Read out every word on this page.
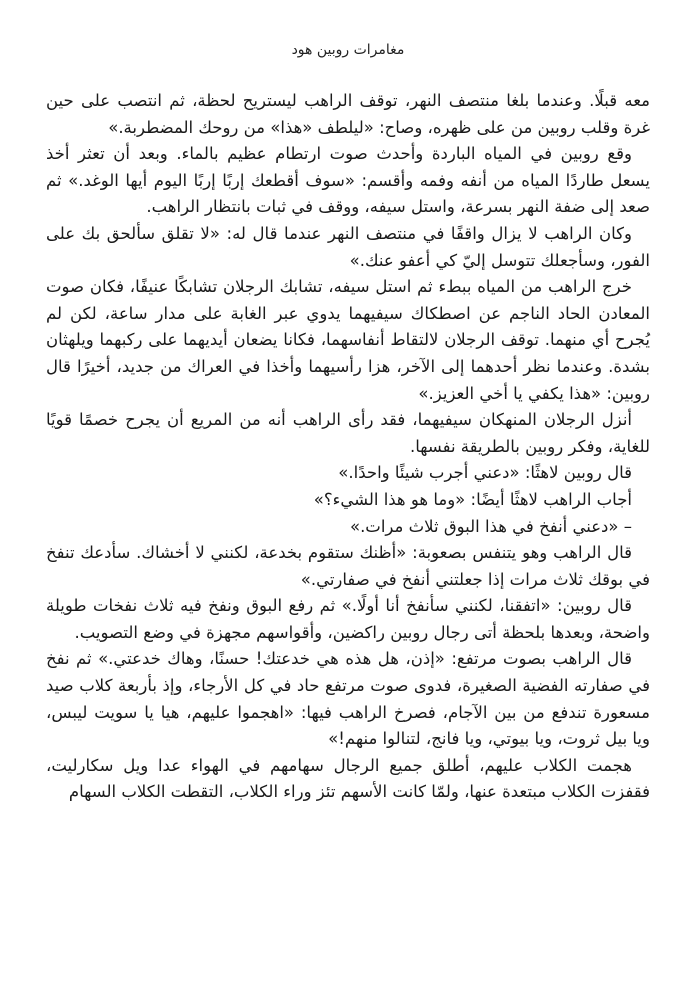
مغامرات روبين هود

معه قبلًا. وعندما بلغا منتصف النهر، توقف الراهب ليستريح لحظة، ثم انتصب على حين غرة وقلب روبين من على ظهره، وصاح: «ليلطف «هذا» من روحك المضطربة.»

وقع روبين في المياه الباردة وأحدث صوت ارتطام عظيم بالماء. وبعد أن تعثر أخذ يسعل طاردًا المياه من أنفه وفمه وأقسم: «سوف أقطعك إربًا إربًا اليوم أيها الوغد.» ثم صعد إلى ضفة النهر بسرعة، واستل سيفه، ووقف في ثبات بانتظار الراهب.

وكان الراهب لا يزال واقفًا في منتصف النهر عندما قال له: «لا تقلق سألحق بك على الفور، وسأجعلك تتوسل إليّ كي أعفو عنك.»

خرج الراهب من المياه ببطء ثم استل سيفه، تشابك الرجلان تشابكًا عنيفًا، فكان صوت المعادن الحاد الناجم عن اصطكاك سيفيهما يدوي عبر الغابة على مدار ساعة، لكن لم يُجرح أي منهما. توقف الرجلان لالتقاط أنفاسهما، فكانا يضعان أيديهما على ركبهما ويلهثان بشدة. وعندما نظر أحدهما إلى الآخر، هزا رأسيهما وأخذا في العراك من جديد، أخيرًا قال روبين: «هذا يكفي يا أخي العزيز.»

أنزل الرجلان المنهكان سيفيهما، فقد رأى الراهب أنه من المريع أن يجرح خصمًا قويًا للغاية، وفكر روبين بالطريقة نفسها.

قال روبين لاهثًا: «دعني أجرب شيئًا واحدًا.»

أجاب الراهب لاهثًا أيضًا: «وما هو هذا الشيء؟»

– «دعني أنفخ في هذا البوق ثلاث مرات.»

قال الراهب وهو يتنفس بصعوبة: «أظنك ستقوم بخدعة، لكنني لا أخشاك. سأدعك تنفخ في بوقك ثلاث مرات إذا جعلتني أنفخ في صفارتي.»

قال روبين: «اتفقنا، لكنني سأنفخ أنا أولًا.» ثم رفع البوق ونفخ فيه ثلاث نفخات طويلة واضحة، وبعدها بلحظة أتى رجال روبين راكضين، وأقواسهم مجهزة في وضع التصويب.

قال الراهب بصوت مرتفع: «إذن، هل هذه هي خدعتك! حسنًا، وهاك خدعتي.» ثم نفخ في صفارته الفضية الصغيرة، فدوى صوت مرتفع حاد في كل الأرجاء، وإذ بأربعة كلاب صيد مسعورة تندفع من بين الآجام، فصرخ الراهب فيها: «اهجموا عليهم، هيا يا سويت ليبس، ويا بيل ثروت، ويا بيوتي، ويا فانج، لتنالوا منهم!»

هجمت الكلاب عليهم، أطلق جميع الرجال سهامهم في الهواء عدا ويل سكارليت، فقفزت الكلاب مبتعدة عنها، ولمّا كانت الأسهم تئز وراء الكلاب، التقطت الكلاب السهام
